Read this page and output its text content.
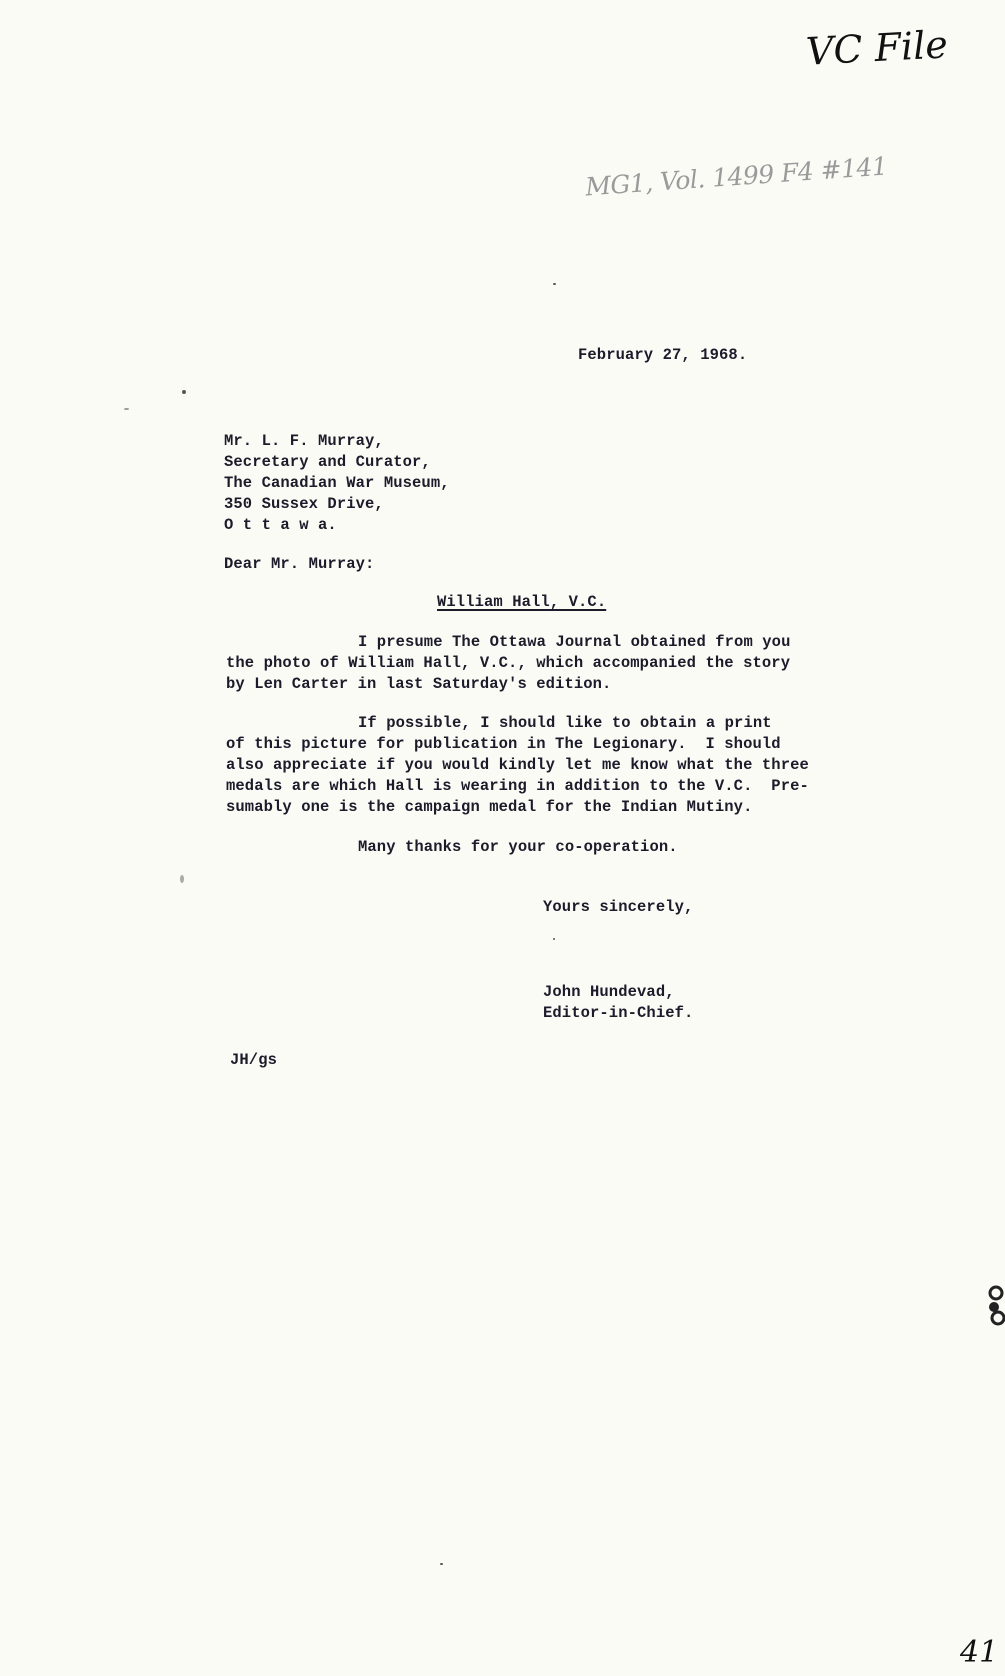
VC File
MG1, Vol. 1499 F4 #141
February 27, 1968.
Mr. L. F. Murray,
Secretary and Curator,
The Canadian War Museum,
350 Sussex Drive,
O t t a w a.
Dear Mr. Murray:
William Hall, V.C.
I presume The Ottawa Journal obtained from you
the photo of William Hall, V.C., which accompanied the story
by Len Carter in last Saturday's edition.
If possible, I should like to obtain a print
of this picture for publication in The Legionary.  I should
also appreciate if you would kindly let me know what the three
medals are which Hall is wearing in addition to the V.C.  Pre-
sumably one is the campaign medal for the Indian Mutiny.
Many thanks for your co-operation.
Yours sincerely,
John Hundevad,
Editor-in-Chief.
JH/gs
41
